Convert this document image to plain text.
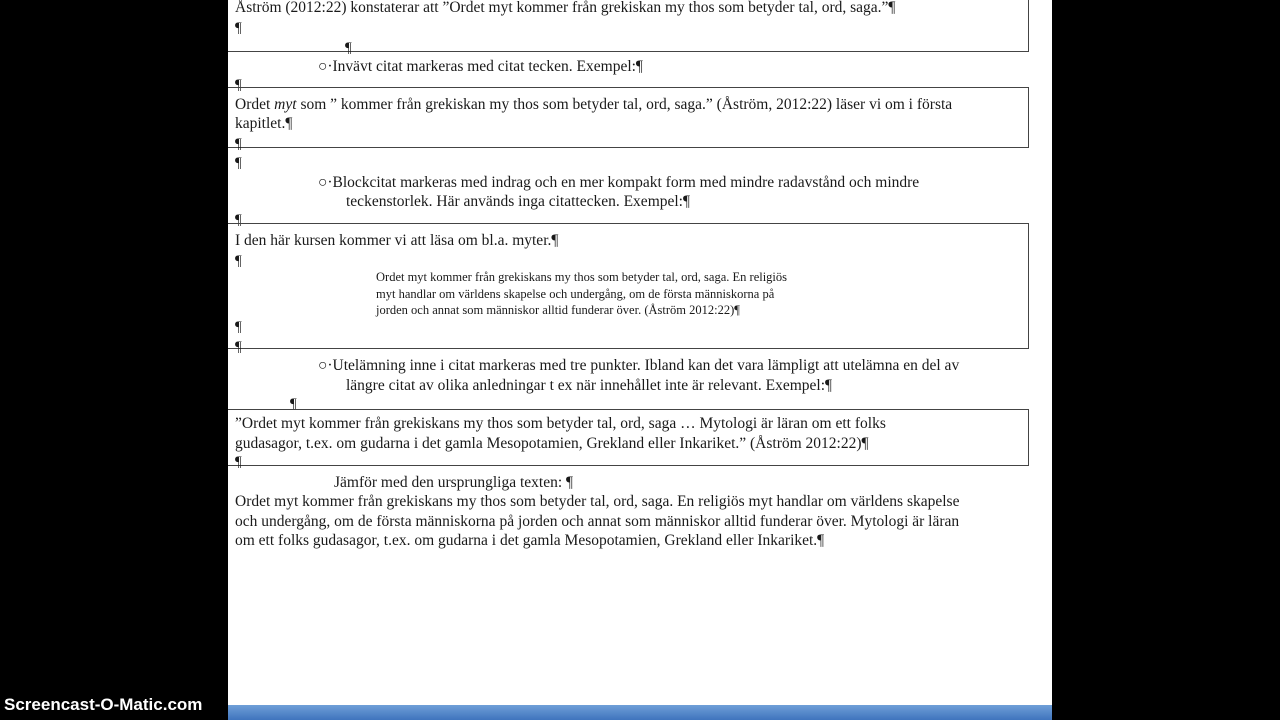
Åström (2012:22) konstaterar att ”Ordet myt kommer från grekiskan my thos som betyder tal, ord, saga.”¶
¶
¶
○·Invävt citat markeras med citat tecken. Exempel:¶
¶
Ordet myt som ” kommer från grekiskan my thos som betyder tal, ord, saga.” (Åström, 2012:22) läser vi om i första
kapitlet.¶
¶
¶
○·Blockcitat markeras med indrag och en mer kompakt form med mindre radavstånd och mindre
teckenstorlek. Här används inga citattecken. Exempel:¶
¶
I den här kursen kommer vi att läsa om bl.a. myter.¶
¶
Ordet myt kommer från grekiskans my thos som betyder tal, ord, saga. En religiös
myt handlar om världens skapelse och undergång, om de första människorna på
jorden och annat som människor alltid funderar över. (Åström 2012:22)¶
¶
¶
○·Utelämning inne i citat markeras med tre punkter. Ibland kan det vara lämpligt att utelämna en del av
längre citat av olika anledningar t ex när innehållet inte är relevant. Exempel:¶
¶
”Ordet myt kommer från grekiskans my thos som betyder tal, ord, saga … Mytologi är läran om ett folks
gudasagor, t.ex. om gudarna i det gamla Mesopotamien, Grekland eller Inkariket.” (Åström 2012:22)¶
¶
Jämför med den ursprungliga texten: ¶
Ordet myt kommer från grekiskans my thos som betyder tal, ord, saga. En religiös myt handlar om världens skapelse
och undergång, om de första människorna på jorden och annat som människor alltid funderar över. Mytologi är läran
om ett folks gudasagor, t.ex. om gudarna i det gamla Mesopotamien, Grekland eller Inkariket.¶
Screencast-O-Matic.com
